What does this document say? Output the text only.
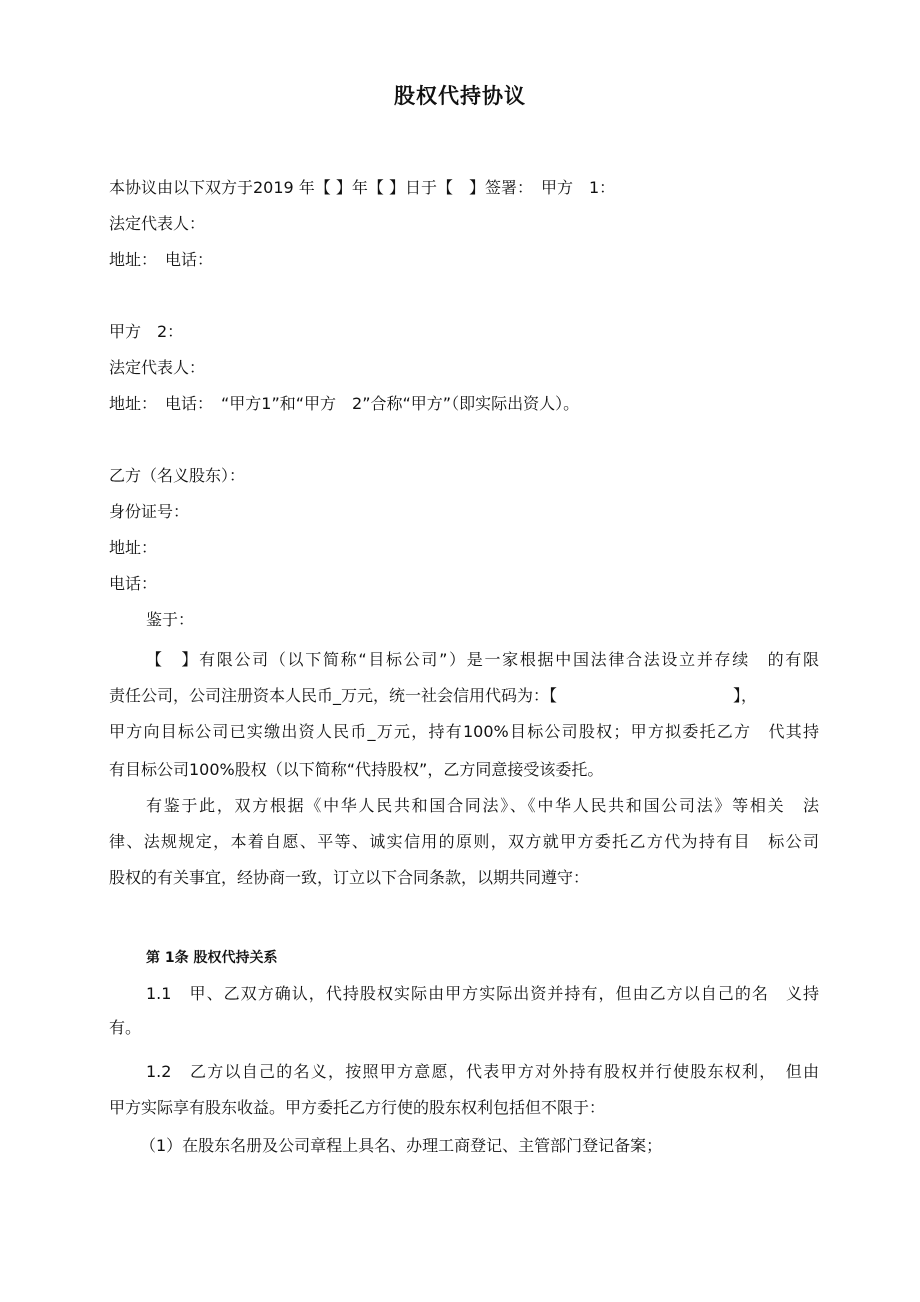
股权代持协议
本协议由以下双方于2019 年【 】年【 】日于【　】签署：　甲方　1：
法定代表人：
地址：　电话：
甲方　2：
法定代表人：
地址：　电话：　“甲方1”和“甲方　2”合称“甲方”（即实际出资人）。
乙方（名义股东）：
身份证号：
地址：
电话：
鉴于：
【　】有限公司（以下简称“目标公司”）是一家根据中国法律合法设立并存续　的有限
责任公司，公司注册资本人民币_万元，统一社会信用代码为：【	】，
甲方向目标公司已实缴出资人民币_万元，持有100%目标公司股权；甲方拟委托乙方　代其持
有目标公司100%股权（以下简称“代持股权”，乙方同意接受该委托。
有鉴于此，双方根据《中华人民共和国合同法》、《中华人民共和国公司法》等相关　法
律、法规规定，本着自愿、平等、诚实信用的原则，双方就甲方委托乙方代为持有目　标公司
股权的有关事宜，经协商一致，订立以下合同条款，以期共同遵守：
第 1条 股权代持关系
1.1　甲、乙双方确认，代持股权实际由甲方实际出资并持有，但由乙方以自己的名　义持
有。
1.2　乙方以自己的名义，按照甲方意愿，代表甲方对外持有股权并行使股东权利，　但由
甲方实际享有股东收益。甲方委托乙方行使的股东权利包括但不限于：
（1）在股东名册及公司章程上具名、办理工商登记、主管部门登记备案；
